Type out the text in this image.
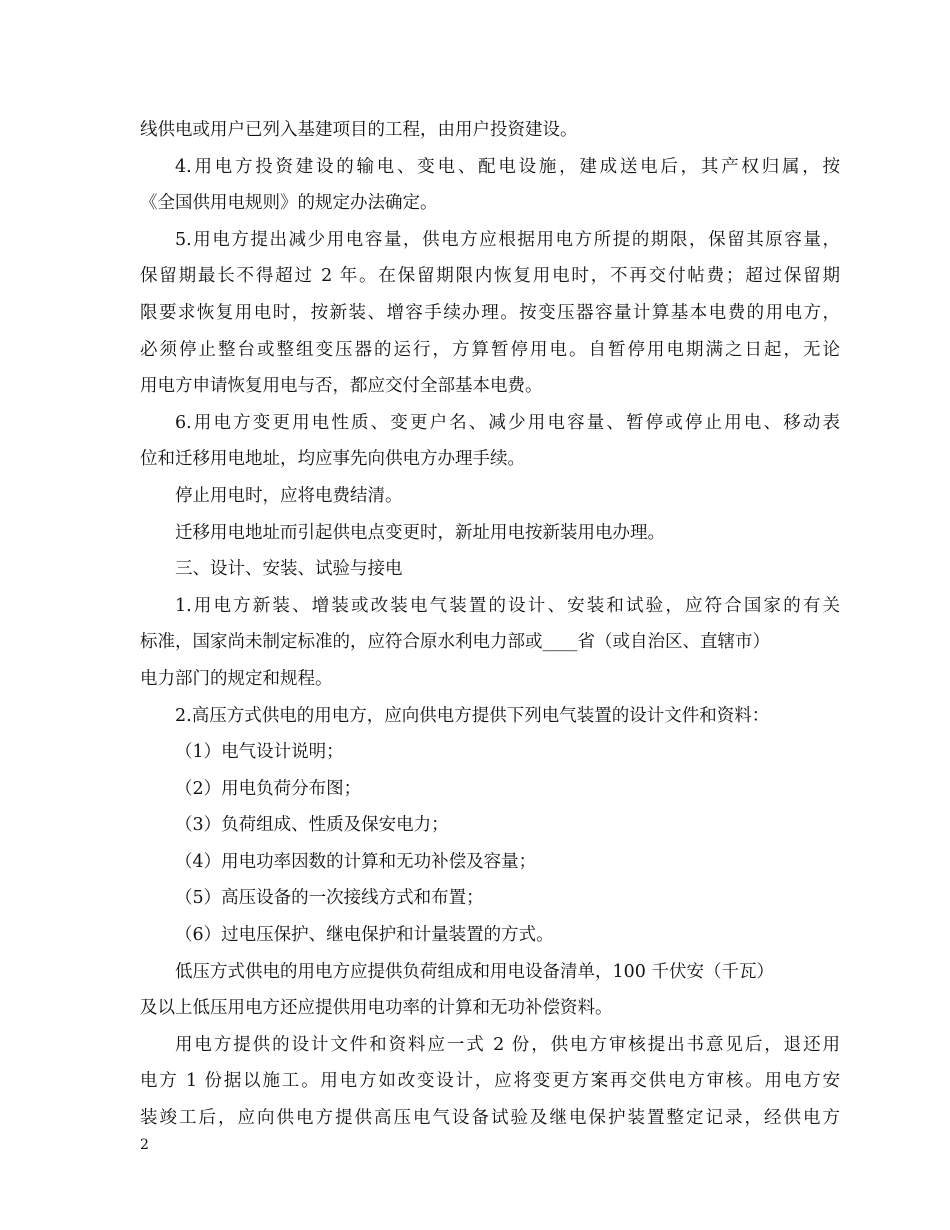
线供电或用户已列入基建项目的工程，由用户投资建设。
4.用电方投资建设的输电、变电、配电设施，建成送电后，其产权归属，按
《全国供用电规则》的规定办法确定。
5.用电方提出减少用电容量，供电方应根据用电方所提的期限，保留其原容量，
保留期最长不得超过 2 年。在保留期限内恢复用电时，不再交付帖费；超过保留期
限要求恢复用电时，按新装、增容手续办理。按变压器容量计算基本电费的用电方，
必须停止整台或整组变压器的运行，方算暂停用电。自暂停用电期满之日起，无论
用电方申请恢复用电与否，都应交付全部基本电费。
6.用电方变更用电性质、变更户名、减少用电容量、暂停或停止用电、移动表
位和迁移用电地址，均应事先向供电方办理手续。
停止用电时，应将电费结清。
迁移用电地址而引起供电点变更时，新址用电按新装用电办理。
三、设计、安装、试验与接电
1.用电方新装、增装或改装电气装置的设计、安装和试验，应符合国家的有关
标准，国家尚未制定标准的，应符合原水利电力部或____省（或自治区、直辖市）
电力部门的规定和规程。
2.高压方式供电的用电方，应向供电方提供下列电气装置的设计文件和资料：
（1）电气设计说明；
（2）用电负荷分布图；
（3）负荷组成、性质及保安电力；
（4）用电功率因数的计算和无功补偿及容量；
（5）高压设备的一次接线方式和布置；
（6）过电压保护、继电保护和计量装置的方式。
低压方式供电的用电方应提供负荷组成和用电设备清单，100 千伏安（千瓦）
及以上低压用电方还应提供用电功率的计算和无功补偿资料。
用电方提供的设计文件和资料应一式 2 份，供电方审核提出书意见后，退还用
电方 1 份据以施工。用电方如改变设计，应将变更方案再交供电方审核。用电方安
装竣工后，应向供电方提供高压电气设备试验及继电保护装置整定记录，经供电方
2
